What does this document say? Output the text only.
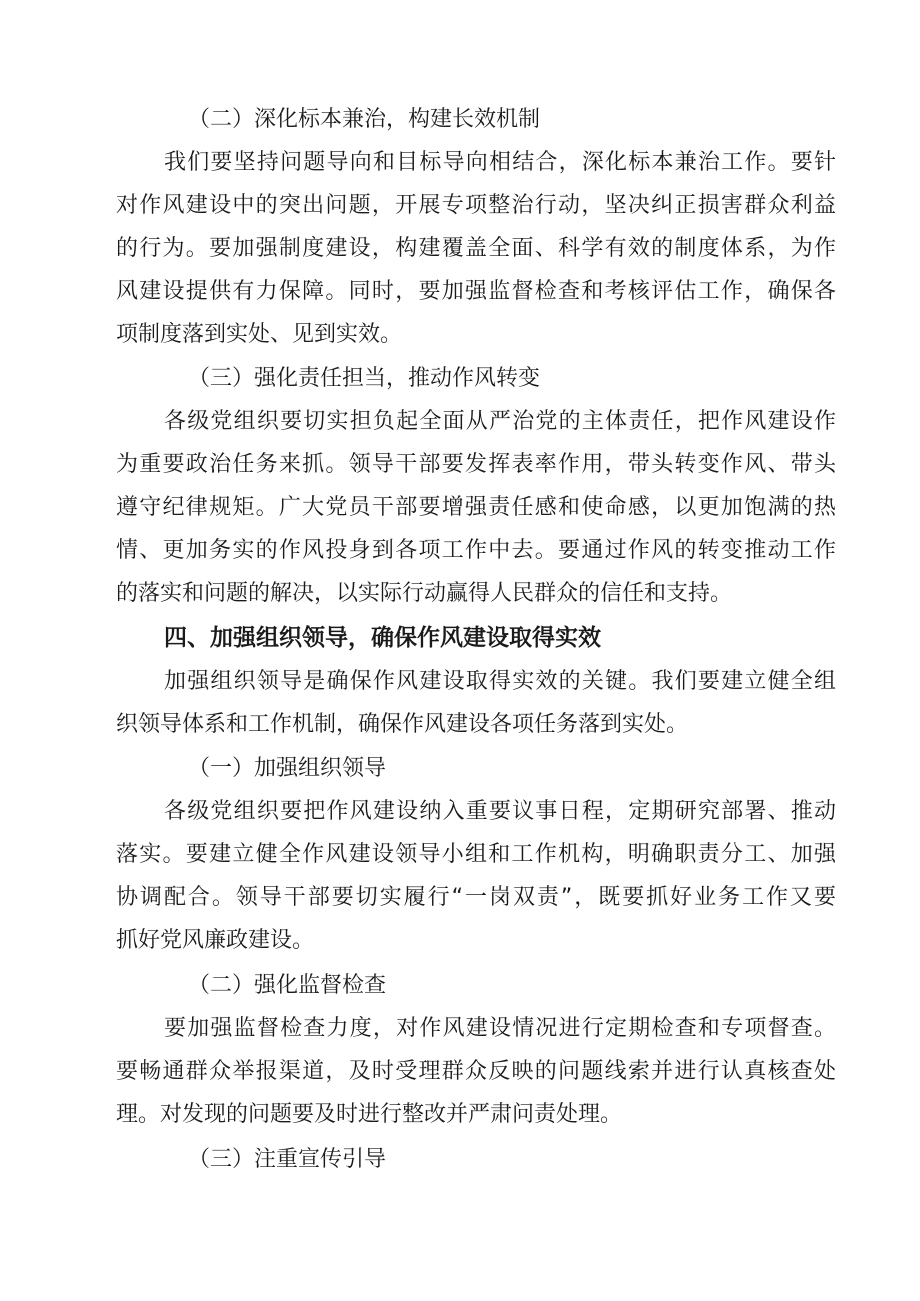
（二）深化标本兼治，构建长效机制
我们要坚持问题导向和目标导向相结合，深化标本兼治工作。要针
对作风建设中的突出问题，开展专项整治行动，坚决纠正损害群众利益
的行为。要加强制度建设，构建覆盖全面、科学有效的制度体系，为作
风建设提供有力保障。同时，要加强监督检查和考核评估工作，确保各
项制度落到实处、见到实效。
（三）强化责任担当，推动作风转变
各级党组织要切实担负起全面从严治党的主体责任，把作风建设作
为重要政治任务来抓。领导干部要发挥表率作用，带头转变作风、带头
遵守纪律规矩。广大党员干部要增强责任感和使命感，以更加饱满的热
情、更加务实的作风投身到各项工作中去。要通过作风的转变推动工作
的落实和问题的解决，以实际行动赢得人民群众的信任和支持。
四、加强组织领导，确保作风建设取得实效
加强组织领导是确保作风建设取得实效的关键。我们要建立健全组
织领导体系和工作机制，确保作风建设各项任务落到实处。
（一）加强组织领导
各级党组织要把作风建设纳入重要议事日程，定期研究部署、推动
落实。要建立健全作风建设领导小组和工作机构，明确职责分工、加强
协调配合。领导干部要切实履行“一岗双责”，既要抓好业务工作又要
抓好党风廉政建设。
（二）强化监督检查
要加强监督检查力度，对作风建设情况进行定期检查和专项督查。
要畅通群众举报渠道，及时受理群众反映的问题线索并进行认真核查处
理。对发现的问题要及时进行整改并严肃问责处理。
（三）注重宣传引导
